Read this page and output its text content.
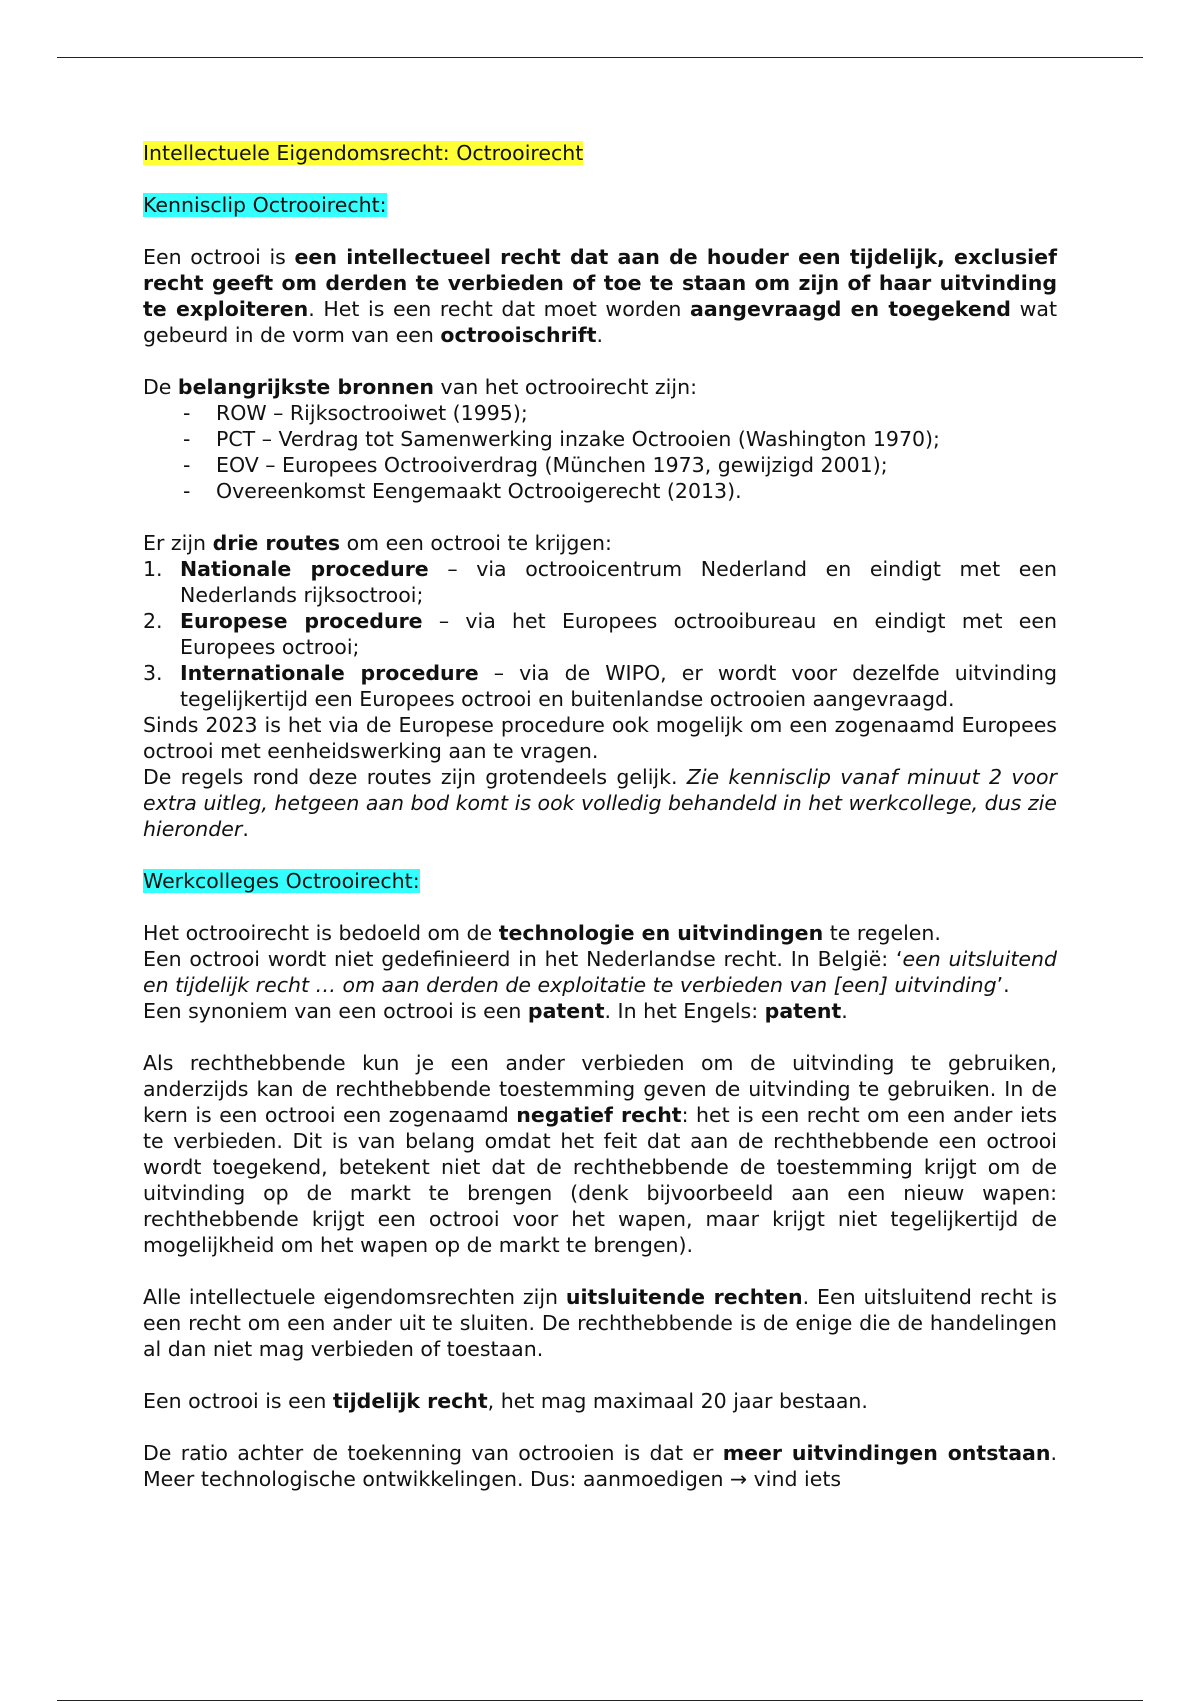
Intellectuele Eigendomsrecht: Octrooirecht

Kennisclip Octrooirecht:

Een octrooi is een intellectueel recht dat aan de houder een tijdelijk, exclusief recht geeft om derden te verbieden of toe te staan om zijn of haar uitvinding te exploiteren. Het is een recht dat moet worden aangevraagd en toegekend wat gebeurd in de vorm van een octrooischrift.

De belangrijkste bronnen van het octrooirecht zijn:

- ROW – Rijksoctrooiwet (1995);
- PCT – Verdrag tot Samenwerking inzake Octrooien (Washington 1970);
- EOV – Europees Octrooiverdrag (München 1973, gewijzigd 2001);
- Overeenkomst Eengemaakt Octrooigerecht (2013).

Er zijn drie routes om een octrooi te krijgen:

1. Nationale procedure – via octrooicentrum Nederland en eindigt met een Nederlands rijksoctrooi;
2. Europese procedure – via het Europees octrooibureau en eindigt met een Europees octrooi;
3. Internationale procedure – via de WIPO, er wordt voor dezelfde uitvinding tegelijkertijd een Europees octrooi en buitenlandse octrooien aangevraagd.

Sinds 2023 is het via de Europese procedure ook mogelijk om een zogenaamd Europees octrooi met eenheidswerking aan te vragen.

De regels rond deze routes zijn grotendeels gelijk. Zie kennisclip vanaf minuut 2 voor extra uitleg, hetgeen aan bod komt is ook volledig behandeld in het werkcollege, dus zie hieronder.

Werkcolleges Octrooirecht:

Het octrooirecht is bedoeld om de technologie en uitvindingen te regelen.

Een octrooi wordt niet gedefinieerd in het Nederlandse recht. In België: ‘een uitsluitend en tijdelijk recht … om aan derden de exploitatie te verbieden van [een] uitvinding’.

Een synoniem van een octrooi is een patent. In het Engels: patent.

Als rechthebbende kun je een ander verbieden om de uitvinding te gebruiken, anderzijds kan de rechthebbende toestemming geven de uitvinding te gebruiken. In de kern is een octrooi een zogenaamd negatief recht: het is een recht om een ander iets te verbieden. Dit is van belang omdat het feit dat aan de rechthebbende een octrooi wordt toegekend, betekent niet dat de rechthebbende de toestemming krijgt om de uitvinding op de markt te brengen (denk bijvoorbeeld aan een nieuw wapen: rechthebbende krijgt een octrooi voor het wapen, maar krijgt niet tegelijkertijd de mogelijkheid om het wapen op de markt te brengen).

Alle intellectuele eigendomsrechten zijn uitsluitende rechten. Een uitsluitend recht is een recht om een ander uit te sluiten. De rechthebbende is de enige die de handelingen al dan niet mag verbieden of toestaan.

Een octrooi is een tijdelijk recht, het mag maximaal 20 jaar bestaan.

De ratio achter de toekenning van octrooien is dat er meer uitvindingen ontstaan. Meer technologische ontwikkelingen. Dus: aanmoedigen → vind iets
